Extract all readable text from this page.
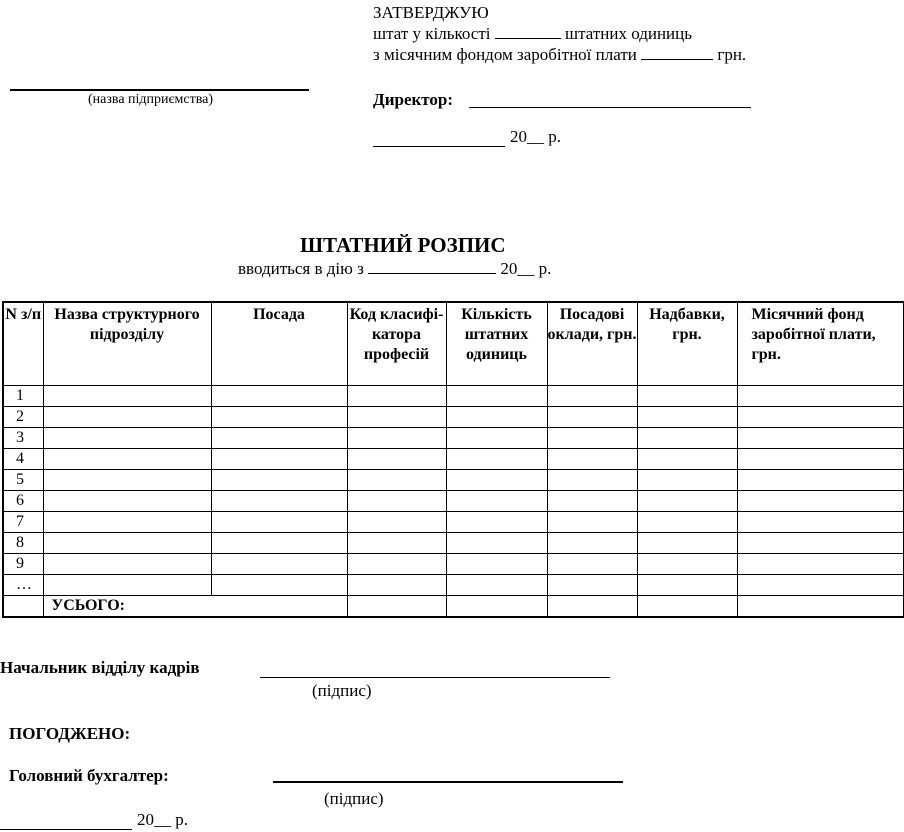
ЗАТВЕРДЖУЮ
штат у кількості	штатних одиниць
з місячним фондом заробітної плати	грн.
Директор:
20__ р.
(назва підприємства)
ШТАТНИЙ РОЗПИС
вводиться в дію з	20__ р.
N з/п	Назва структурного підрозділу	Посада	Код класифі- катора професій	Кількість штатних одиниць	Посадові оклади, грн.	Надбавки, грн.	Місячний фонд заробітної плати, грн.
1							
2							
3							
4							
5							
6							
7							
8							
9							
…							
	УСЬОГО:						
Начальник відділу кадрів
(підпис)
ПОГОДЖЕНО:
Головний бухгалтер:
(підпис)
20__ р.
